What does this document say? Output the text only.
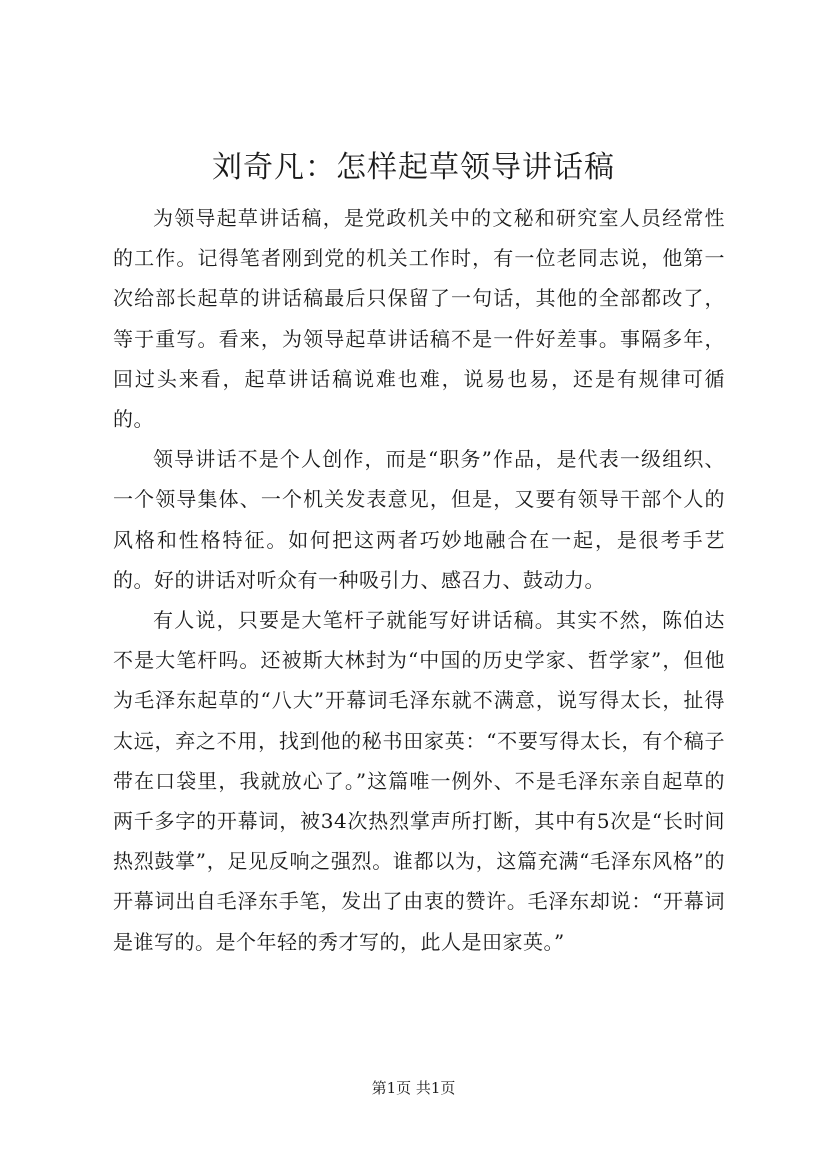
刘奇凡：怎样起草领导讲话稿

为领导起草讲话稿，是党政机关中的文秘和研究室人员经常性的工作。记得笔者刚到党的机关工作时，有一位老同志说，他第一次给部长起草的讲话稿最后只保留了一句话，其他的全部都改了，等于重写。看来，为领导起草讲话稿不是一件好差事。事隔多年，回过头来看，起草讲话稿说难也难，说易也易，还是有规律可循的。

领导讲话不是个人创作，而是“职务”作品，是代表一级组织、一个领导集体、一个机关发表意见，但是，又要有领导干部个人的风格和性格特征。如何把这两者巧妙地融合在一起，是很考手艺的。好的讲话对听众有一种吸引力、感召力、鼓动力。

有人说，只要是大笔杆子就能写好讲话稿。其实不然，陈伯达不是大笔杆吗。还被斯大林封为“中国的历史学家、哲学家”，但他为毛泽东起草的“八大”开幕词毛泽东就不满意，说写得太长，扯得太远，弃之不用，找到他的秘书田家英：“不要写得太长，有个稿子带在口袋里，我就放心了。”这篇唯一例外、不是毛泽东亲自起草的两千多字的开幕词，被34次热烈掌声所打断，其中有5次是“长时间热烈鼓掌”，足见反响之强烈。谁都以为，这篇充满“毛泽东风格”的开幕词出自毛泽东手笔，发出了由衷的赞许。毛泽东却说：“开幕词是谁写的。是个年轻的秀才写的，此人是田家英。”

第1页 共1页
